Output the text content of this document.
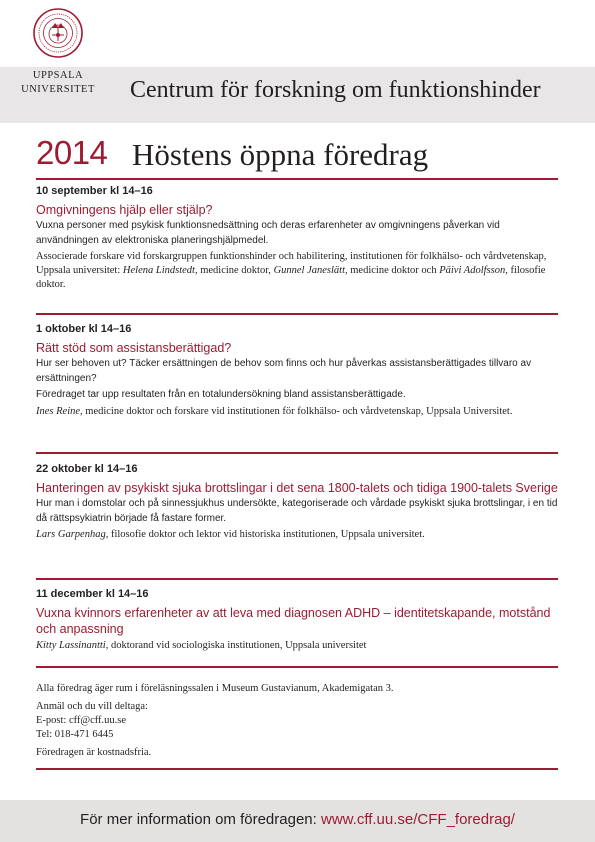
UPPSALA
UNIVERSITET Centrum för forskning om funktionshinder
2014 Höstens öppna föredrag
10 september kl 14–16
Omgivningens hjälp eller stjälp?
Vuxna personer med psykisk funktionsnedsättning och deras erfarenheter av omgivningens påverkan vid användningen av elektroniska planeringshjälpmedel.
Associerade forskare vid forskargruppen funktionshinder och habilitering, institutionen för folkhälso- och vårdvetenskap, Uppsala universitet: Helena Lindstedt, medicine doktor, Gunnel Janeslätt, medicine doktor och Päivi Adolfsson, filosofie doktor.
1 oktober kl 14–16
Rätt stöd som assistansberättigad?
Hur ser behoven ut? Täcker ersättningen de behov som finns och hur påverkas assistansberättigades tillvaro av ersättningen?
Föredraget tar upp resultaten från en totalundersökning bland assistansberättigade.
Ines Reine, medicine doktor och forskare vid institutionen för folkhälso- och vårdvetenskap, Uppsala Universitet.
22 oktober kl 14–16
Hanteringen av psykiskt sjuka brottslingar i det sena 1800-talets och tidiga 1900-talets Sverige
Hur man i domstolar och på sinnessjukhus undersökte, kategoriserade och vårdade psykiskt sjuka brottslingar, i en tid då rättspsykiatrin började få fastare former.
Lars Garpenhag, filosofie doktor och lektor vid historiska institutionen, Uppsala universitet.
11 december kl 14–16
Vuxna kvinnors erfarenheter av att leva med diagnosen ADHD – identitetskapande, motstånd och anpassning
Kitty Lassinantti, doktorand vid sociologiska institutionen, Uppsala universitet

Alla föredrag äger rum i föreläsningssalen i Museum Gustavianum, Akademigatan 3.

Anmäl och du vill deltaga:

E-post: cff@cff.uu.se

Tel: 018-471 6445

Föredragen är kostnadsfria.

För mer information om föredragen: www.cff.uu.se/CFF_foredrag/
